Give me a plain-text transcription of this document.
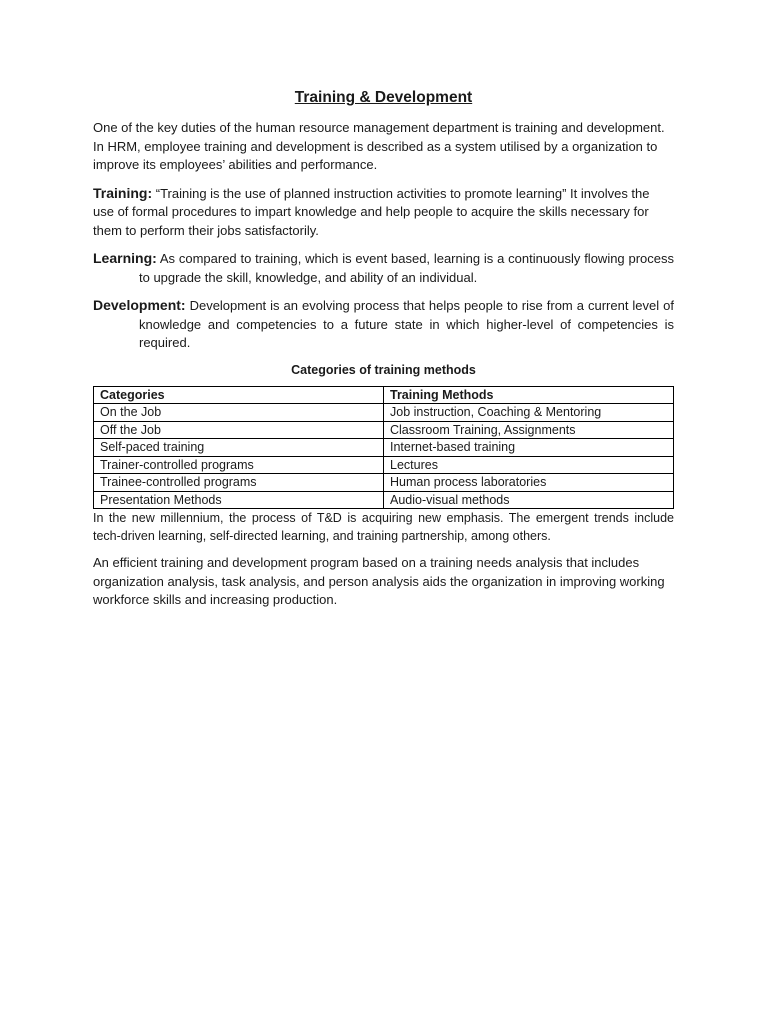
Training & Development

One of the key duties of the human resource management department is training and development. In HRM, employee training and development is described as a system utilised by a organization to improve its employees’ abilities and performance.

Training: “Training is the use of planned instruction activities to promote learning” It involves the use of formal procedures to impart knowledge and help people to acquire the skills necessary for them to perform their jobs satisfactorily.

Learning: As compared to training, which is event based, learning is a continuously flowing process to upgrade the skill, knowledge, and ability of an individual.

Development: Development is an evolving process that helps people to rise from a current level of knowledge and competencies to a future state in which higher-level of competencies is required.

Categories of training methods
Categories	Training Methods
On the Job	Job instruction, Coaching & Mentoring
Off the Job	Classroom Training, Assignments
Self-paced training	Internet-based training
Trainer-controlled programs	Lectures
Trainee-controlled programs	Human process laboratories
Presentation Methods	Audio-visual methods

In the new millennium, the process of T&D is acquiring new emphasis. The emergent trends include tech-driven learning, self-directed learning, and training partnership, among others.

An efficient training and development program based on a training needs analysis that includes organization analysis, task analysis, and person analysis aids the organization in improving working workforce skills and increasing production.
